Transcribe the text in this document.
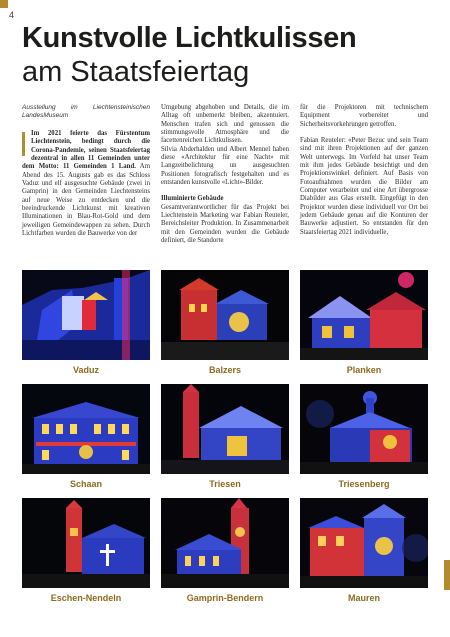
4
Kunstvolle Lichtkulissen
am Staatsfeiertag
Ausstellung im Liechtensteinischen LandesMuseum

Im 2021 feierte das Fürstentum Liechtenstein, bedingt durch die Corona-Pandemie, seinen Staatsfeiertag dezentral in allen 11 Gemeinden unter dem Motto: 11 Gemeinden 1 Land. Am Abend des 15. Augusts gab es das Schloss Vaduz und elf ausgesuchte Gebäude (zwei in Gamprin) in den Gemeinden Liechtensteins auf neue Weise zu entdecken und die beeindruckende Lichtkunst mit kreativen Illuminationen in Blau-Rot-Gold und dem jeweiligen Gemeindewappen zu sehen. Durch Lichtfarben wurden die Bauwerke von der

Umgebung abgehoben und Details, die im Alltag oft unbemerkt bleiben, akzentuiert. Menschen trafen sich und genossen die stimmungsvolle Atmosphäre und die facettenreichen Lichtkulissen.

Silvia Abderhalden und Albert Mennel haben diese «Architektur für eine Nacht» mit Langzeitbelichtung un ausgesuchten Positionen fotografisch festgehalten und es entstanden kunstvolle «Licht»-Bilder.

Illuminierte Gebäude

Gesamtverantwortlicher für das Projekt bei Liechtenstein Marketing war Fabian Reuteler, Bereichsleiter Produktion. In Zusammenarbeit mit den Gemeinden wurden die Gebäude definiert, die Standorte

für die Projektoren mit technischem Equipment vorbereitet und Sicherheitsvorkehrungen getroffen.

Fabian Reuteler: «Peter Bezuc und sein Team sind mit ihren Projektionen auf der ganzen Welt unterwegs. Im Vorfeld hat unser Team mit ihm jedes Gebäude besichtigt und den Projektionswinkel definiert. Auf Basis von Fotoaufnahmen wurden die Bilder am Computer verarbeitet und eine Art übergrosse Diabilder aus Glas erstellt. Eingefügt in den Projektor wurden diese individuell vor Ort bei jedem Gebäude genau auf die Konturen der Bauwerke adjustiert. So entstanden für den Staatsfeiertag 2021 individuelle,

Vaduz	Balzers	Planken
Schaan	Triesen	Triesenberg
Eschen-Nendeln	Gamprin-Bendern	Mauren
